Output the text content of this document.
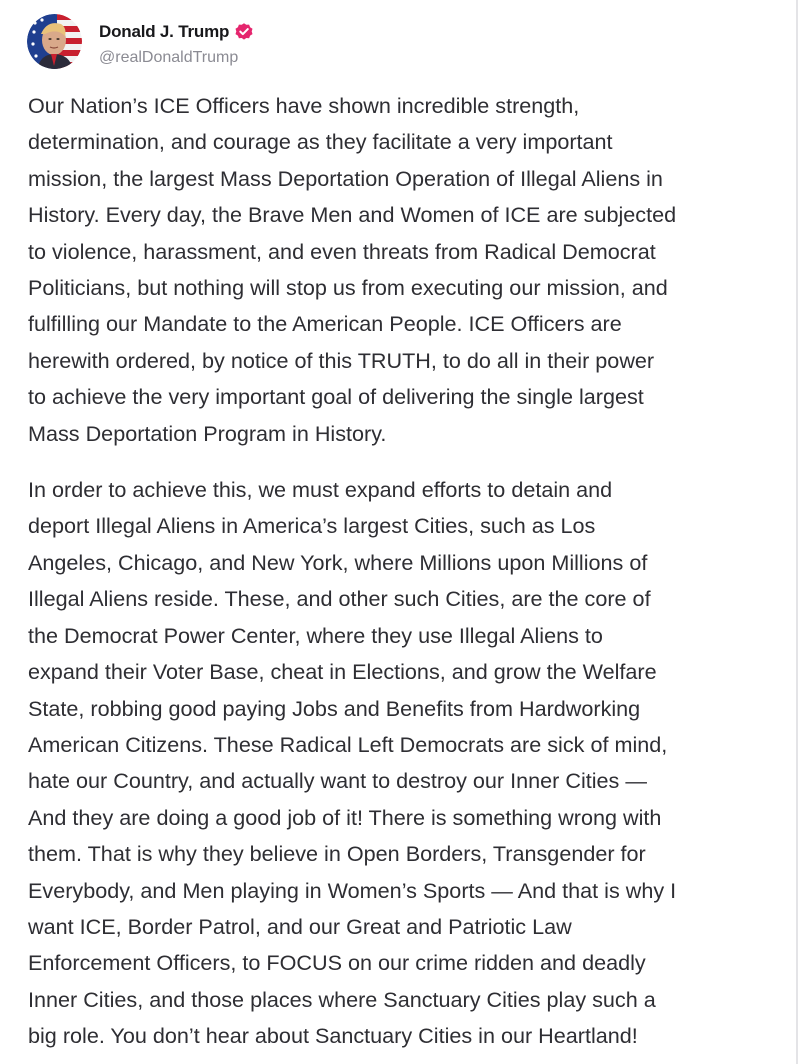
Donald J. Trump
@realDonaldTrump

Our Nation’s ICE Officers have shown incredible strength,
determination, and courage as they facilitate a very important
mission, the largest Mass Deportation Operation of Illegal Aliens in
History. Every day, the Brave Men and Women of ICE are subjected
to violence, harassment, and even threats from Radical Democrat
Politicians, but nothing will stop us from executing our mission, and
fulfilling our Mandate to the American People. ICE Officers are
herewith ordered, by notice of this TRUTH, to do all in their power
to achieve the very important goal of delivering the single largest
Mass Deportation Program in History.

In order to achieve this, we must expand efforts to detain and
deport Illegal Aliens in America’s largest Cities, such as Los
Angeles, Chicago, and New York, where Millions upon Millions of
Illegal Aliens reside. These, and other such Cities, are the core of
the Democrat Power Center, where they use Illegal Aliens to
expand their Voter Base, cheat in Elections, and grow the Welfare
State, robbing good paying Jobs and Benefits from Hardworking
American Citizens. These Radical Left Democrats are sick of mind,
hate our Country, and actually want to destroy our Inner Cities —
And they are doing a good job of it! There is something wrong with
them. That is why they believe in Open Borders, Transgender for
Everybody, and Men playing in Women’s Sports — And that is why I
want ICE, Border Patrol, and our Great and Patriotic Law
Enforcement Officers, to FOCUS on our crime ridden and deadly
Inner Cities, and those places where Sanctuary Cities play such a
big role. You don’t hear about Sanctuary Cities in our Heartland!
